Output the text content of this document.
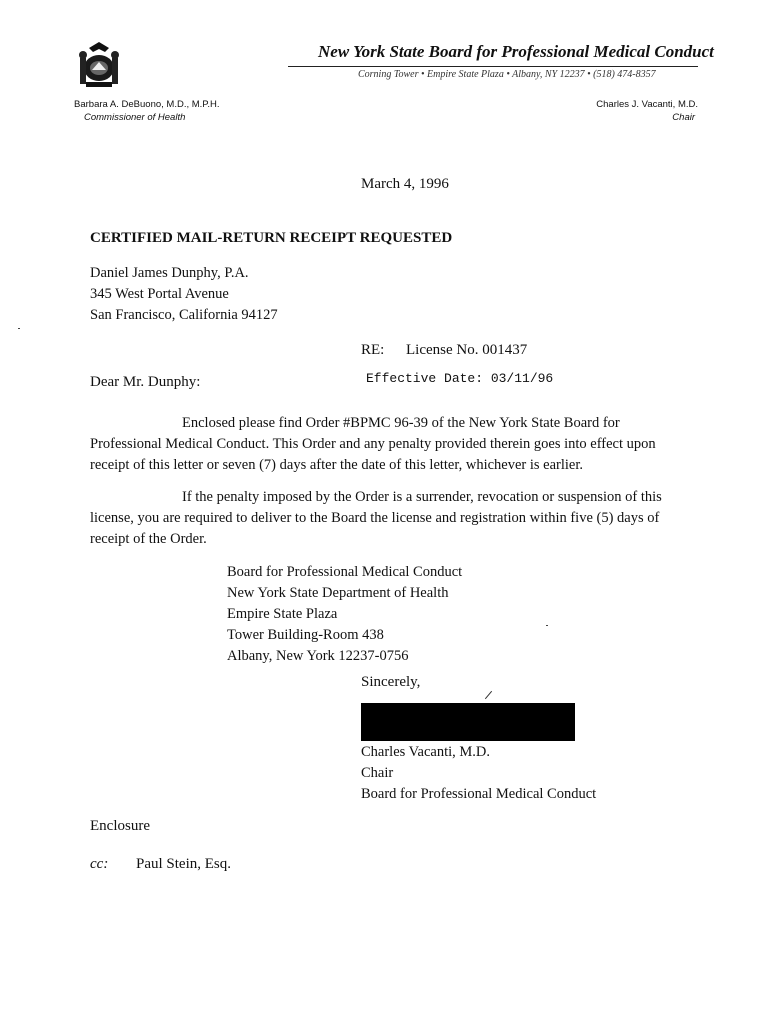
New York State Board for Professional Medical Conduct
Corning Tower • Empire State Plaza • Albany, NY 12237 • (518) 474-8357
Barbara A. DeBuono, M.D., M.P.H.
Commissioner of Health
Charles J. Vacanti, M.D.
Chair
March 4, 1996
CERTIFIED MAIL-RETURN RECEIPT REQUESTED
Daniel James Dunphy, P.A.
345 West Portal Avenue
San Francisco, California 94127
RE: License No. 001437
Effective Date: 03/11/96
Dear Mr. Dunphy:
Enclosed please find Order #BPMC 96-39 of the New York State Board for Professional Medical Conduct. This Order and any penalty provided therein goes into effect upon receipt of this letter or seven (7) days after the date of this letter, whichever is earlier.
If the penalty imposed by the Order is a surrender, revocation or suspension of this license, you are required to deliver to the Board the license and registration within five (5) days of receipt of the Order.
Board for Professional Medical Conduct
New York State Department of Health
Empire State Plaza
Tower Building-Room 438
Albany, New York 12237-0756
Sincerely,
Charles Vacanti, M.D.
Chair
Board for Professional Medical Conduct
Enclosure
cc: Paul Stein, Esq.
